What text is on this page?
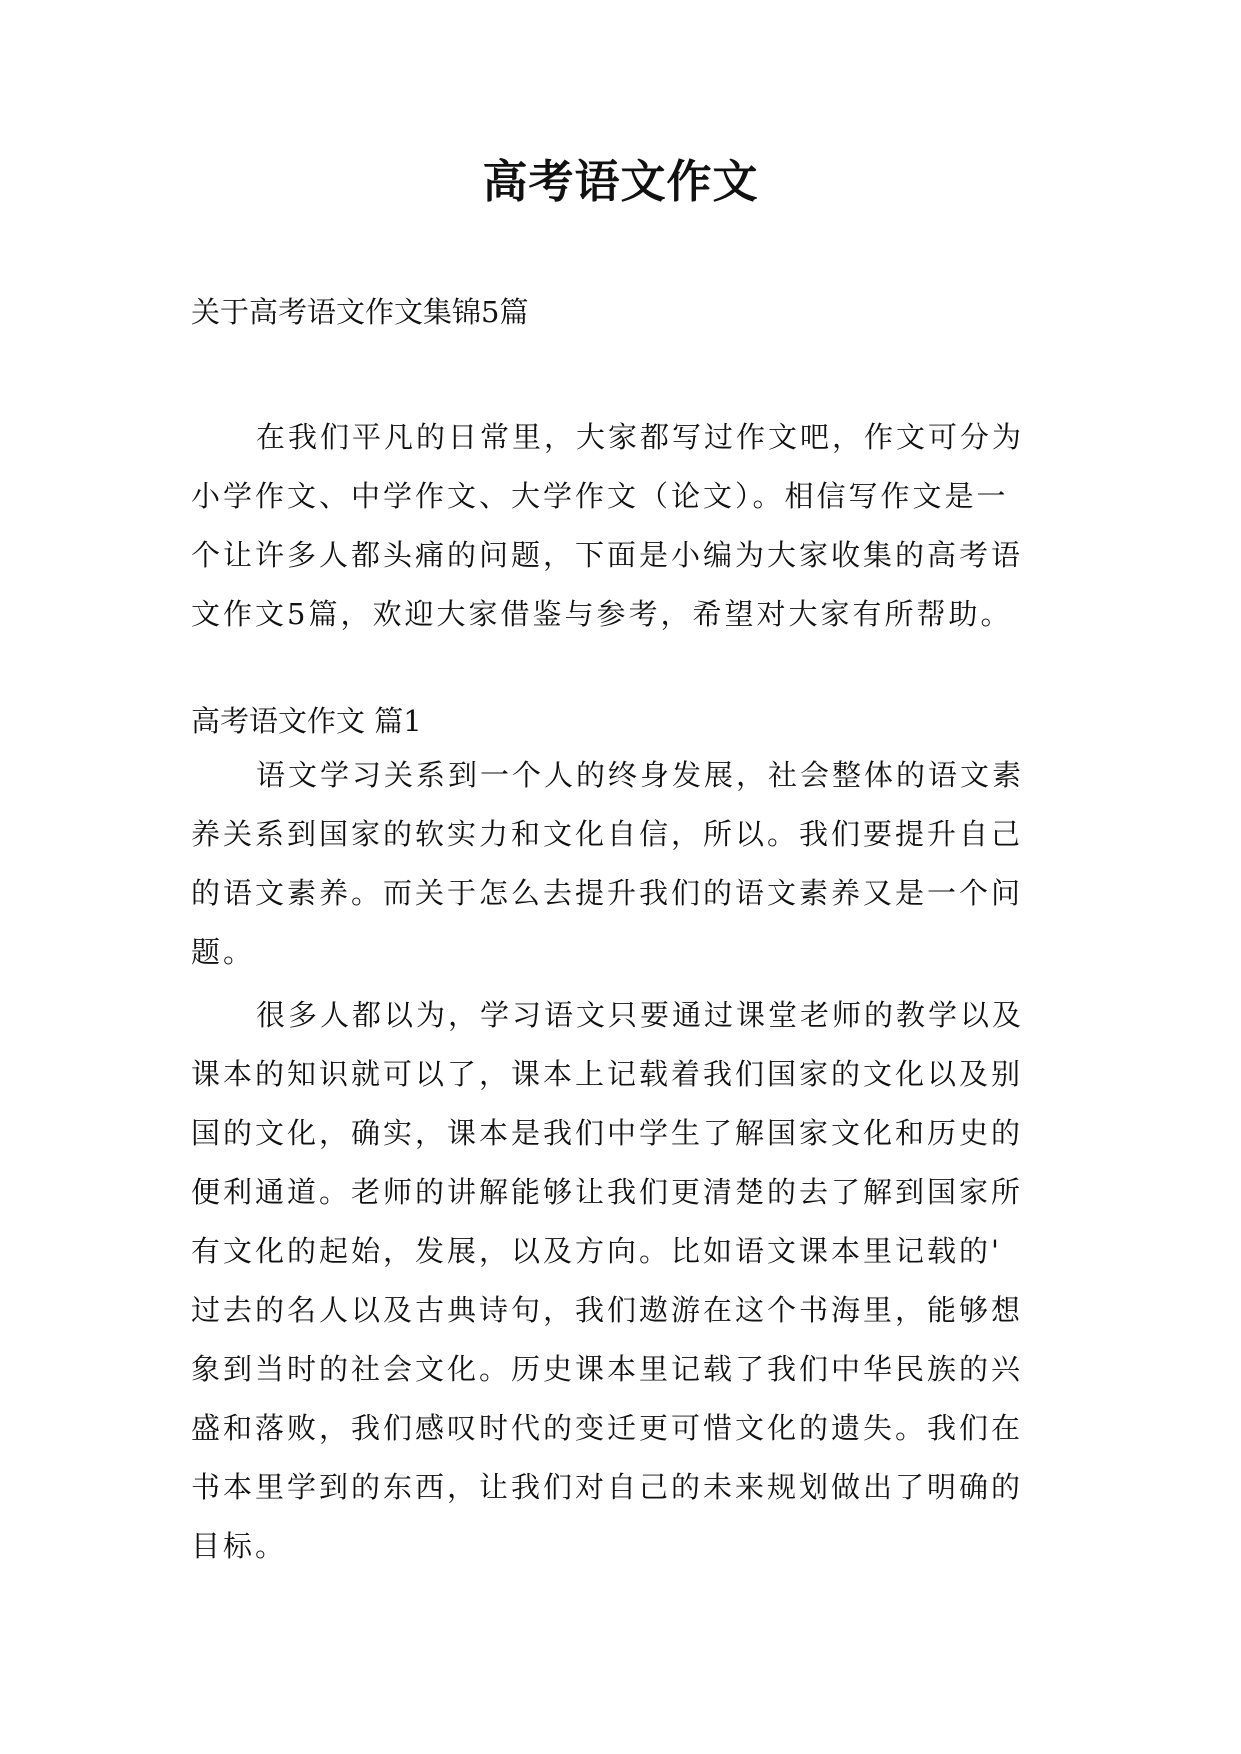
高考语文作文
关于高考语文作文集锦5篇
在我们平凡的日常里，大家都写过作文吧，作文可分为
小学作文、中学作文、大学作文（论文）。相信写作文是一
个让许多人都头痛的问题，下面是小编为大家收集的高考语
文作文5篇，欢迎大家借鉴与参考，希望对大家有所帮助。
高考语文作文 篇1
语文学习关系到一个人的终身发展，社会整体的语文素
养关系到国家的软实力和文化自信，所以。我们要提升自己
的语文素养。而关于怎么去提升我们的语文素养又是一个问
题。
很多人都以为，学习语文只要通过课堂老师的教学以及
课本的知识就可以了，课本上记载着我们国家的文化以及别
国的文化，确实，课本是我们中学生了解国家文化和历史的
便利通道。老师的讲解能够让我们更清楚的去了解到国家所
有文化的起始，发展，以及方向。比如语文课本里记载的'
过去的名人以及古典诗句，我们遨游在这个书海里，能够想
象到当时的社会文化。历史课本里记载了我们中华民族的兴
盛和落败，我们感叹时代的变迁更可惜文化的遗失。我们在
书本里学到的东西，让我们对自己的未来规划做出了明确的
目标。
